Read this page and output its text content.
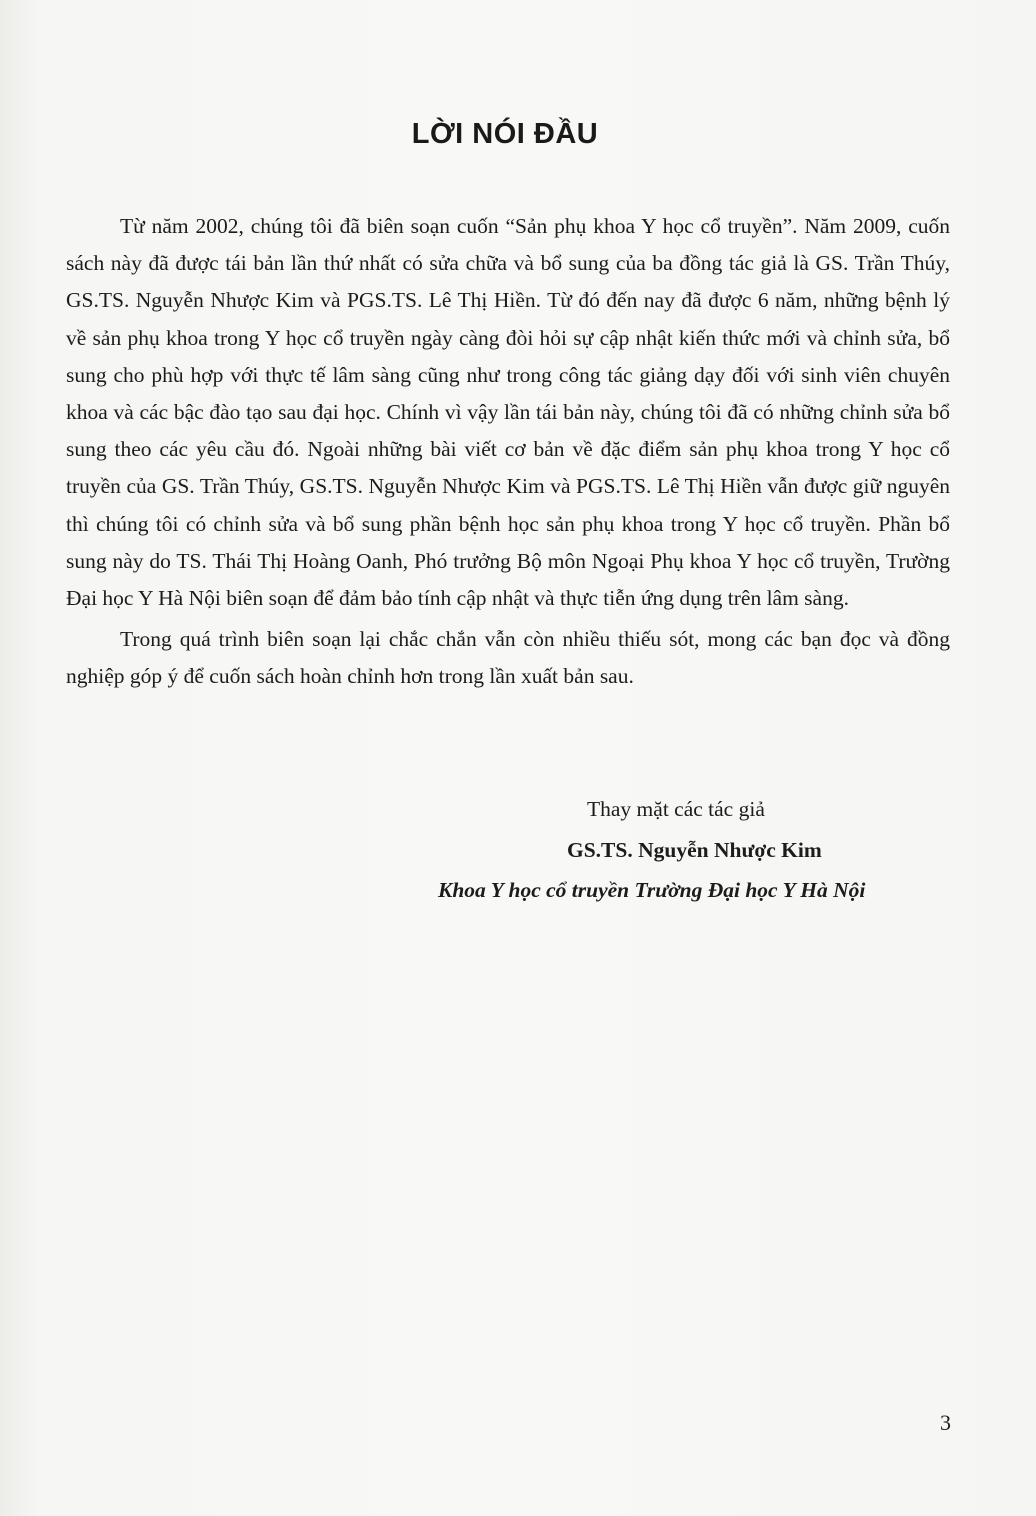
LỜI NÓI ĐẦU

Từ năm 2002, chúng tôi đã biên soạn cuốn “Sản phụ khoa Y học cổ truyền”. Năm 2009, cuốn sách này đã được tái bản lần thứ nhất có sửa chữa và bổ sung của ba đồng tác giả là GS. Trần Thúy, GS.TS. Nguyễn Nhược Kim và PGS.TS. Lê Thị Hiền. Từ đó đến nay đã được 6 năm, những bệnh lý về sản phụ khoa trong Y học cổ truyền ngày càng đòi hỏi sự cập nhật kiến thức mới và chỉnh sửa, bổ sung cho phù hợp với thực tế lâm sàng cũng như trong công tác giảng dạy đối với sinh viên chuyên khoa và các bậc đào tạo sau đại học. Chính vì vậy lần tái bản này, chúng tôi đã có những chỉnh sửa bổ sung theo các yêu cầu đó. Ngoài những bài viết cơ bản về đặc điểm sản phụ khoa trong Y học cổ truyền của GS. Trần Thúy, GS.TS. Nguyễn Nhược Kim và PGS.TS. Lê Thị Hiền vẫn được giữ nguyên thì chúng tôi có chỉnh sửa và bổ sung phần bệnh học sản phụ khoa trong Y học cổ truyền. Phần bổ sung này do TS. Thái Thị Hoàng Oanh, Phó trưởng Bộ môn Ngoại Phụ khoa Y học cổ truyền, Trường Đại học Y Hà Nội biên soạn để đảm bảo tính cập nhật và thực tiễn ứng dụng trên lâm sàng.

Trong quá trình biên soạn lại chắc chắn vẫn còn nhiều thiếu sót, mong các bạn đọc và đồng nghiệp góp ý để cuốn sách hoàn chỉnh hơn trong lần xuất bản sau.

Thay mặt các tác giả
GS.TS. Nguyễn Nhược Kim
Khoa Y học cổ truyền Trường Đại học Y Hà Nội
3
